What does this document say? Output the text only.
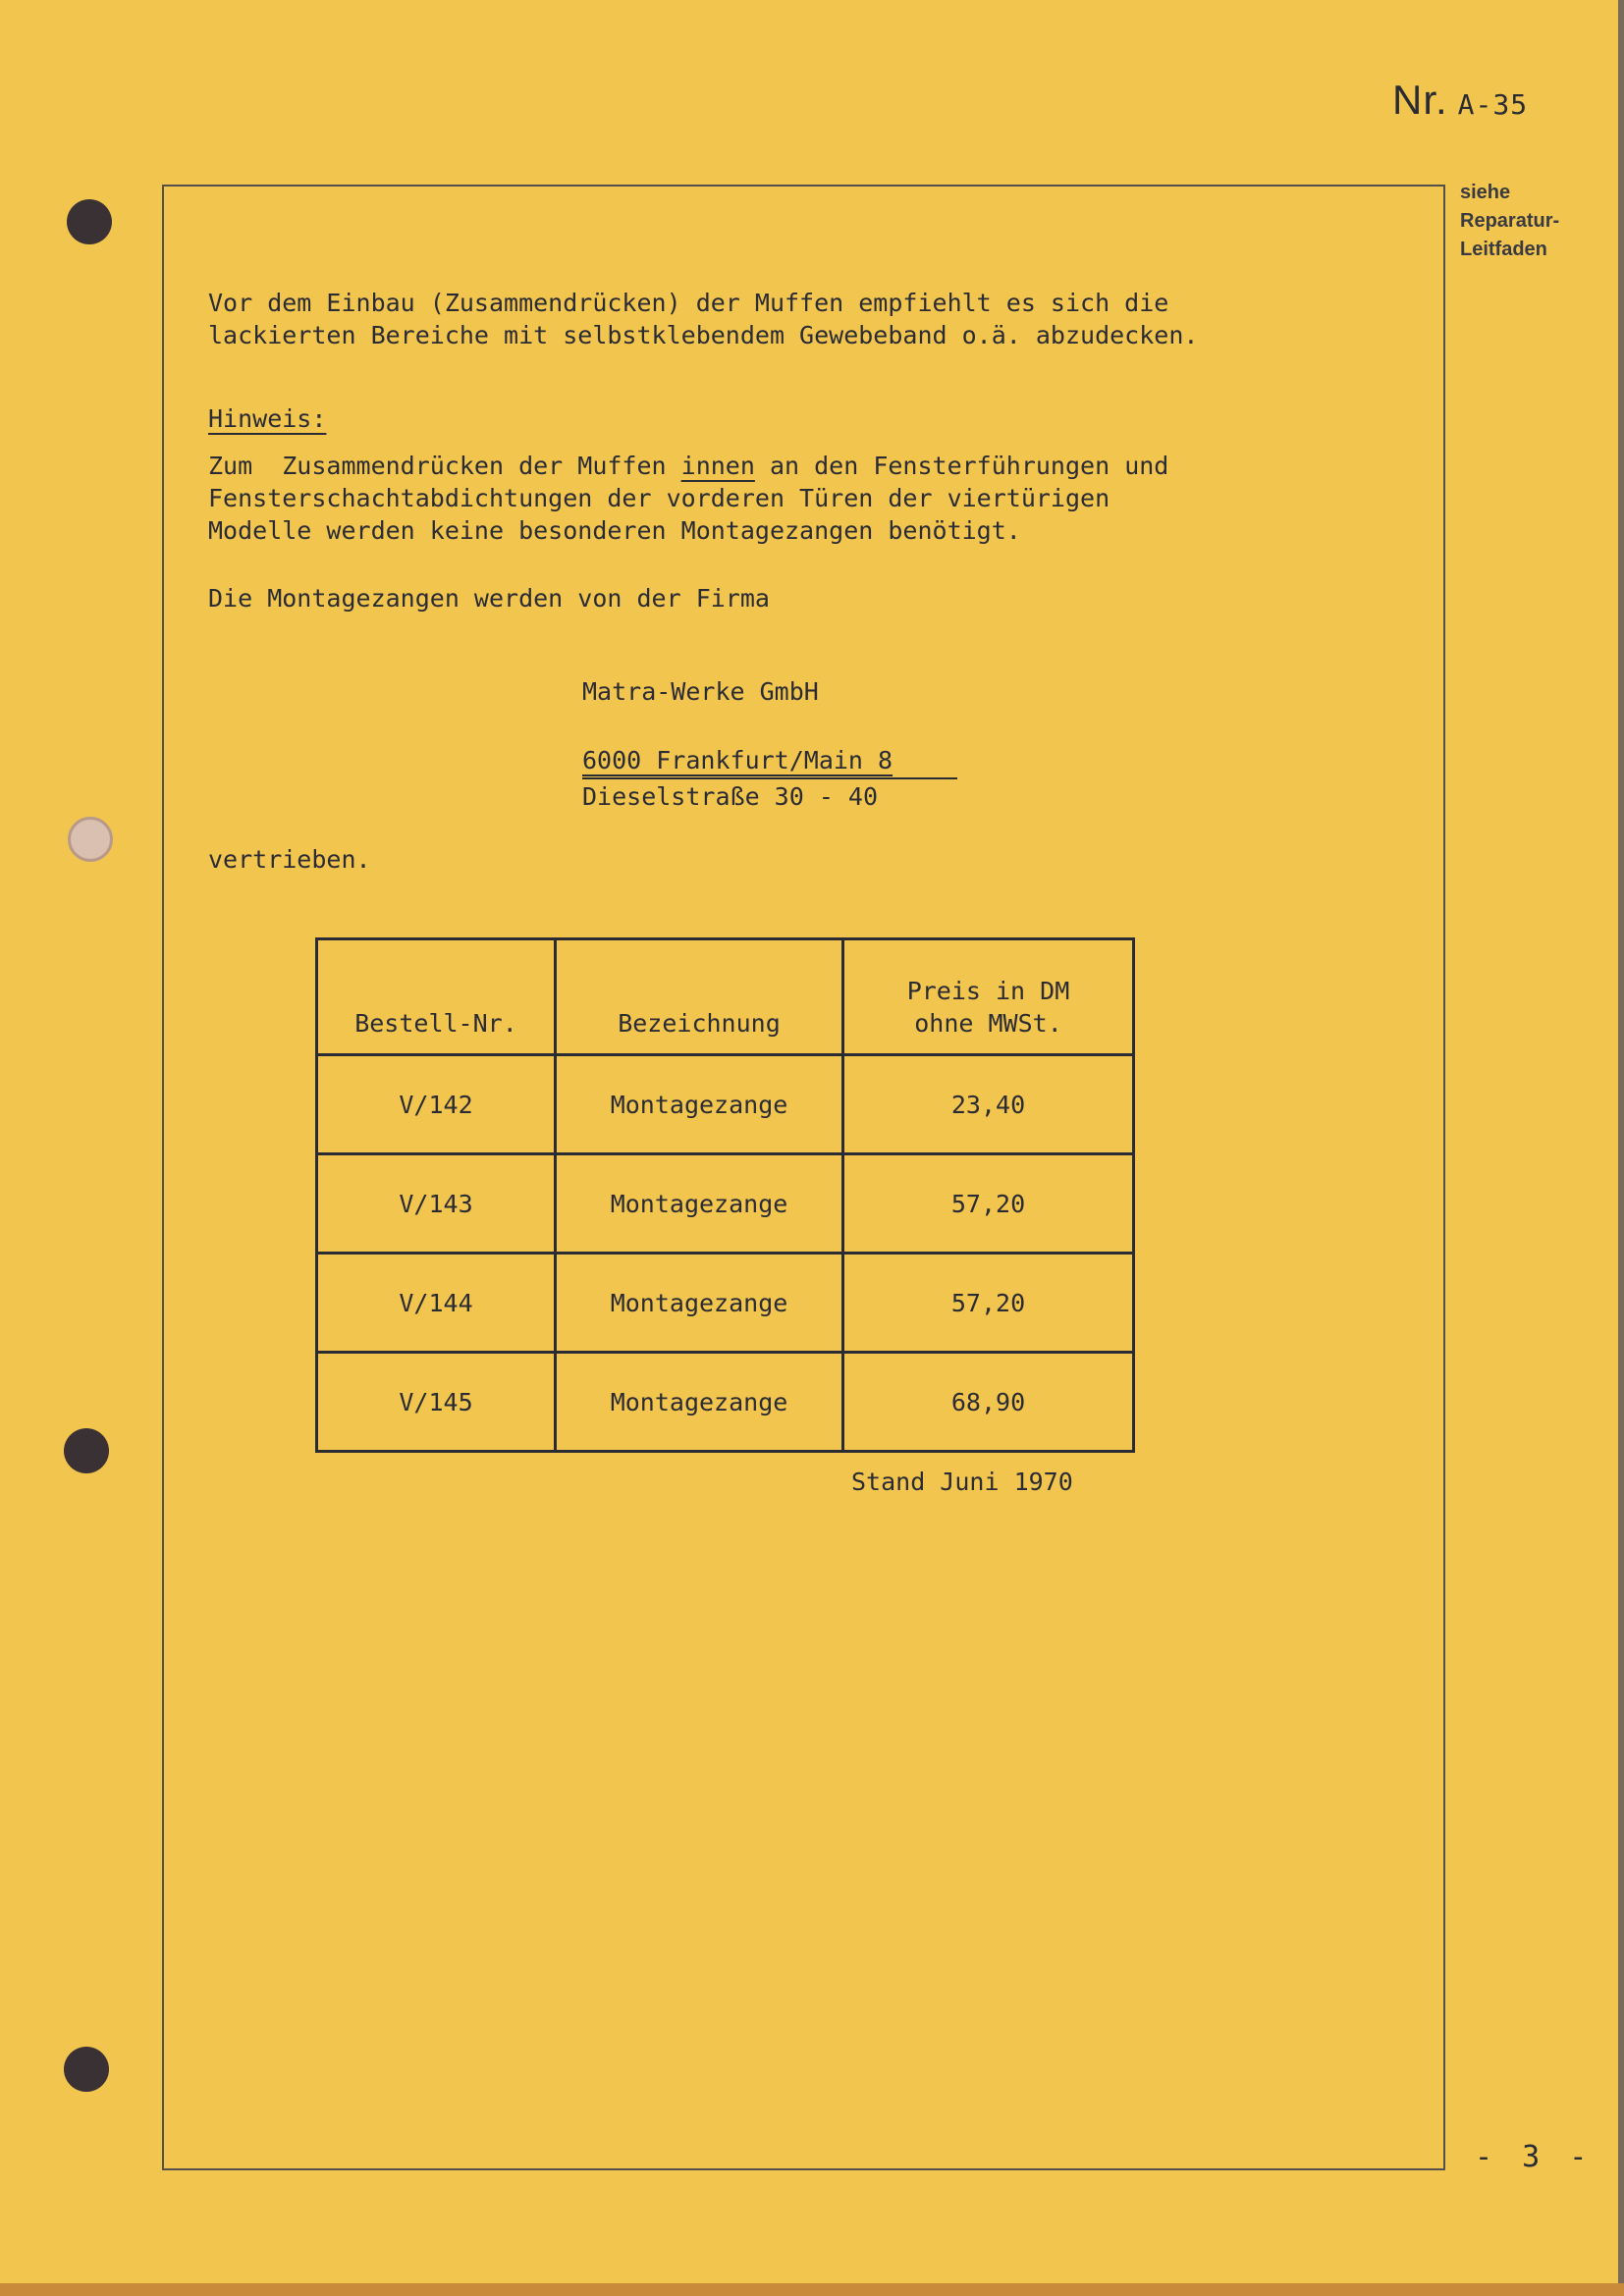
Nr. A-35
siehe
Reparatur-
Leitfaden
Vor dem Einbau (Zusammendrücken) der Muffen empfiehlt es sich die
lackierten Bereiche mit selbstklebendem Gewebeband o.ä. abzudecken.
Hinweis:
Zum  Zusammendrücken der Muffen innen an den Fensterführungen und
Fensterschachtabdichtungen der vorderen Türen der viertürigen
Modelle werden keine besonderen Montagezangen benötigt.
Die Montagezangen werden von der Firma
Matra-Werke GmbH
6000 Frankfurt/Main 8
Dieselstraße 30 - 40
vertrieben.
Bestell-Nr.	Bezeichnung	Preis in DM
ohne MWSt.

V/142	Montagezange	23,40
V/143	Montagezange	57,20
V/144	Montagezange	57,20
V/145	Montagezange	68,90
Stand Juni 1970
- 3 -
